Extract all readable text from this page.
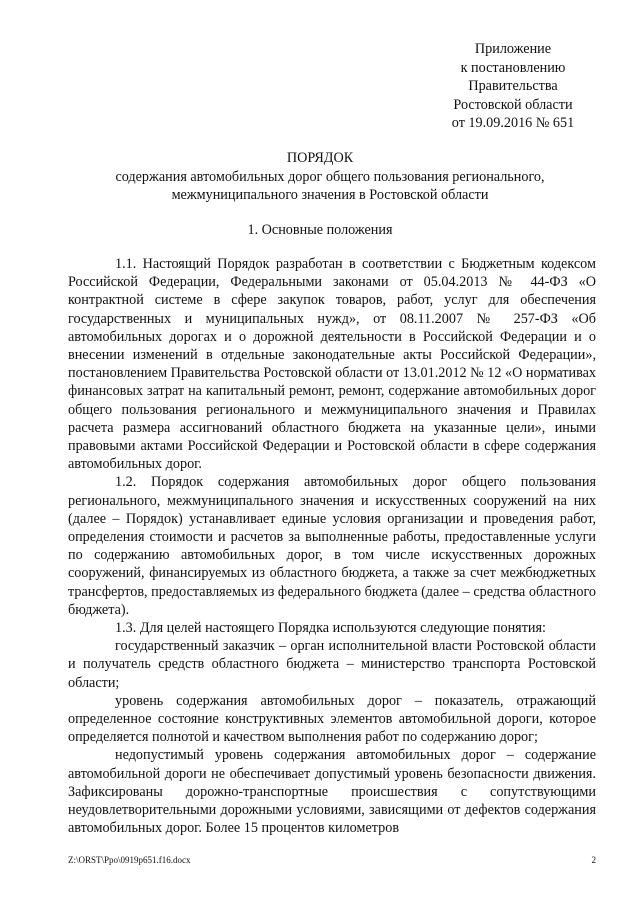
Приложение
к постановлению
Правительства
Ростовской области
от 19.09.2016 № 651
ПОРЯДОК
содержания автомобильных дорог общего пользования регионального, межмуниципального значения в Ростовской области
1. Основные положения

1.1. Настоящий Порядок разработан в соответствии с Бюджетным кодексом Российской Федерации, Федеральными законами от 05.04.2013 № 44-ФЗ «О контрактной системе в сфере закупок товаров, работ, услуг для обеспечения государственных и муниципальных нужд», от 08.11.2007 № 257-ФЗ «Об автомобильных дорогах и о дорожной деятельности в Российской Федерации и о внесении изменений в отдельные законодательные акты Российской Федерации», постановлением Правительства Ростовской области от 13.01.2012 № 12 «О нормативах финансовых затрат на капитальный ремонт, ремонт, содержание автомобильных дорог общего пользования регионального и межмуниципального значения и Правилах расчета размера ассигнований областного бюджета на указанные цели», иными правовыми актами Российской Федерации и Ростовской области в сфере содержания автомобильных дорог.

1.2. Порядок содержания автомобильных дорог общего пользования регионального, межмуниципального значения и искусственных сооружений на них (далее – Порядок) устанавливает единые условия организации и проведения работ, определения стоимости и расчетов за выполненные работы, предоставленные услуги по содержанию автомобильных дорог, в том числе искусственных дорожных сооружений, финансируемых из областного бюджета, а также за счет межбюджетных трансфертов, предоставляемых из федерального бюджета (далее – средства областного бюджета).

1.3. Для целей настоящего Порядка используются следующие понятия:

государственный заказчик – орган исполнительной власти Ростовской области и получатель средств областного бюджета – министерство транспорта Ростовской области;

уровень содержания автомобильных дорог – показатель, отражающий определенное состояние конструктивных элементов автомобильной дороги, которое определяется полнотой и качеством выполнения работ по содержанию дорог;

недопустимый уровень содержания автомобильных дорог – содержание автомобильной дороги не обеспечивает допустимый уровень безопасности движения. Зафиксированы дорожно-транспортные происшествия с сопутствующими неудовлетворительными дорожными условиями, зависящими от дефектов содержания автомобильных дорог. Более 15 процентов километров

Z:\ORST\Ppo\0919p651.f16.docx	2
